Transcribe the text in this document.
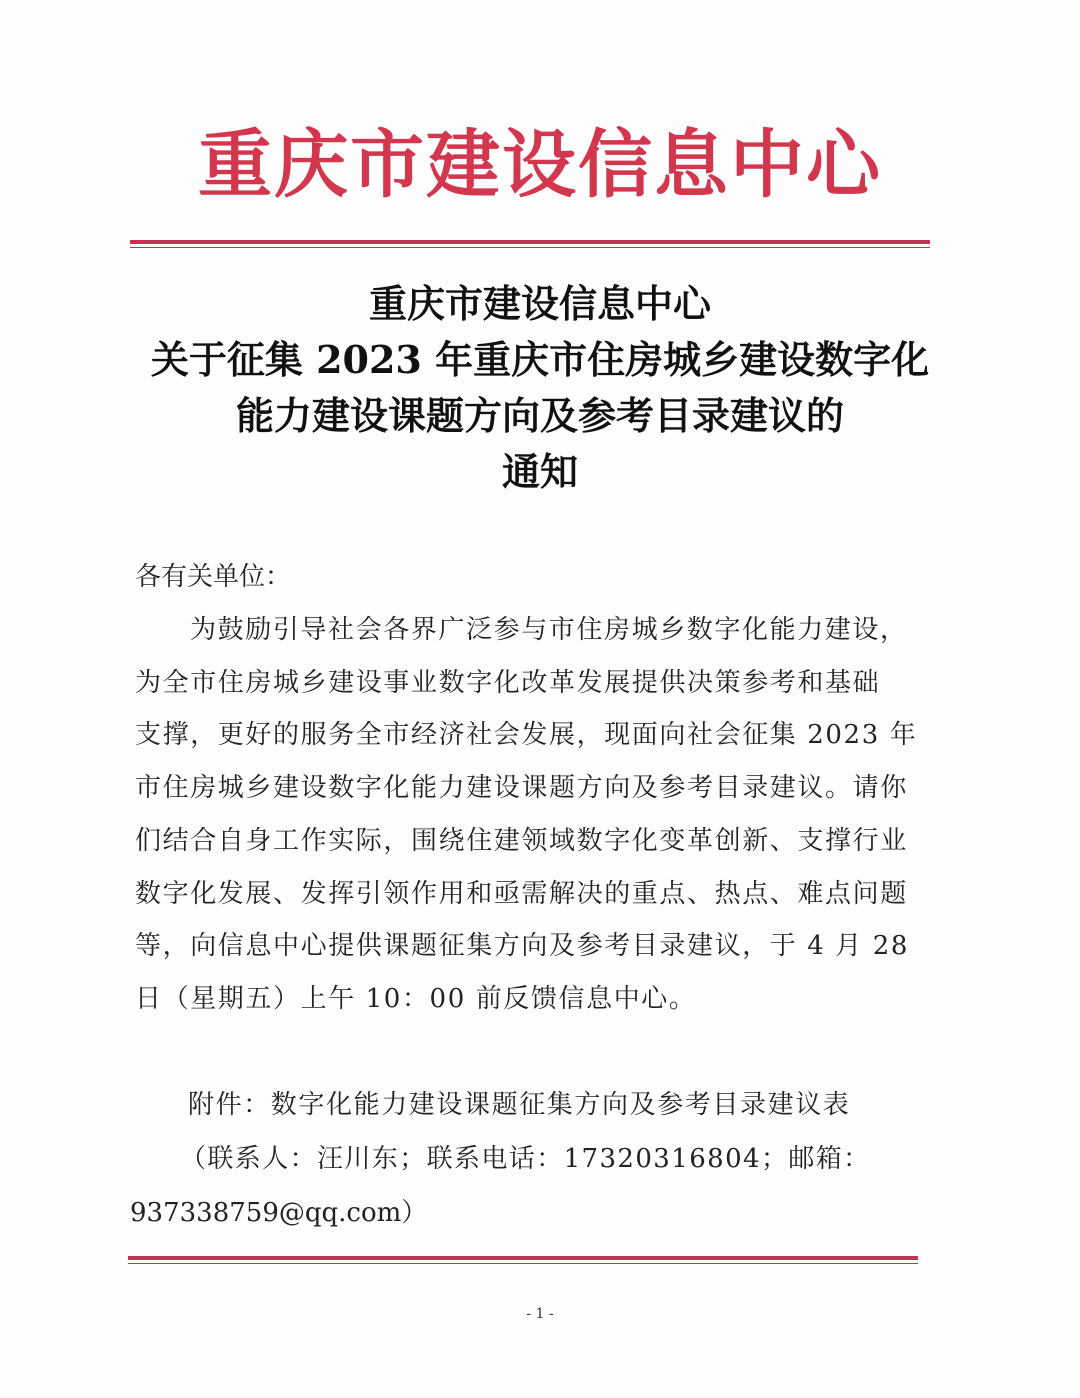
重庆市建设信息中心
重庆市建设信息中心
关于征集 2023 年重庆市住房城乡建设数字化
能力建设课题方向及参考目录建议的
通知
各有关单位：
为鼓励引导社会各界广泛参与市住房城乡数字化能力建设，
为全市住房城乡建设事业数字化改革发展提供决策参考和基础
支撑，更好的服务全市经济社会发展，现面向社会征集 2023 年
市住房城乡建设数字化能力建设课题方向及参考目录建议。请你
们结合自身工作实际，围绕住建领域数字化变革创新、支撑行业
数字化发展、发挥引领作用和亟需解决的重点、热点、难点问题
等，向信息中心提供课题征集方向及参考目录建议，于 4 月 28
日（星期五）上午 10：00 前反馈信息中心。
附件：数字化能力建设课题征集方向及参考目录建议表
（联系人：汪川东；联系电话：17320316804；邮箱：
937338759@qq.com）
- 1 -
